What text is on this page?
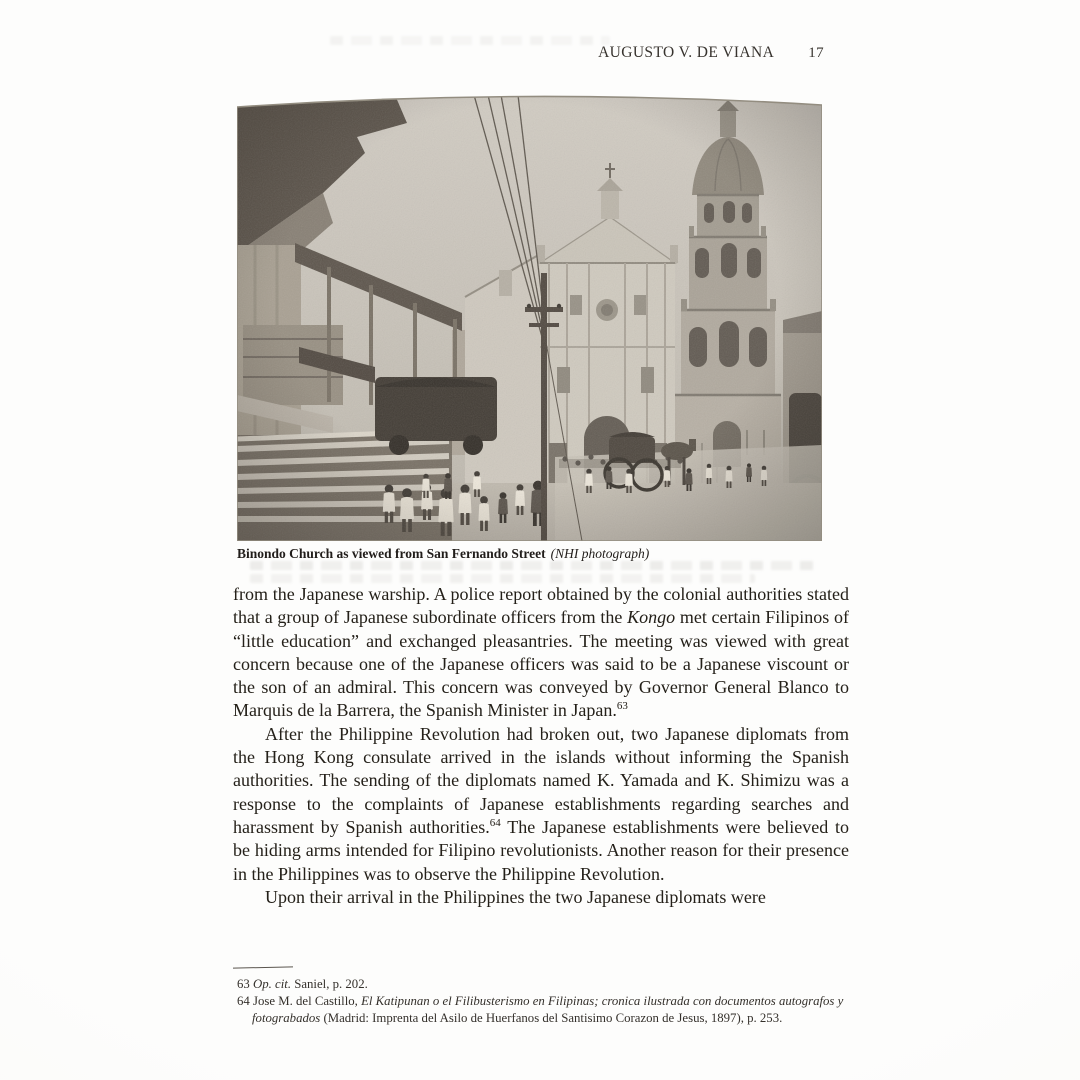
AUGUSTO V. DE VIANA 17
Binondo Church as viewed from San Fernando Street (NHI photograph)

from the Japanese warship. A police report obtained by the colonial authorities stated that a group of Japanese subordinate officers from the Kongo met certain Filipinos of “little education” and exchanged pleasantries. The meeting was viewed with great concern because one of the Japanese officers was said to be a Japanese viscount or the son of an admiral. This concern was conveyed by Governor General Blanco to Marquis de la Barrera, the Spanish Minister in Japan.$^{63}$

After the Philippine Revolution had broken out, two Japanese diplomats from the Hong Kong consulate arrived in the islands without informing the Spanish authorities. The sending of the diplomats named K. Yamada and K. Shimizu was a response to the complaints of Japanese establishments regarding searches and harassment by Spanish authorities.$^{64}$ The Japanese establishments were believed to be hiding arms intended for Filipino revolutionists. Another reason for their presence in the Philippines was to observe the Philippine Revolution.

Upon their arrival in the Philippines the two Japanese diplomats were

63 Op. cit. Saniel, p. 202.

64 Jose M. del Castillo, El Katipunan o el Filibusterismo en Filipinas; cronica ilustrada con documentos autografos y fotograbados (Madrid: Imprenta del Asilo de Huerfanos del Santisimo Corazon de Jesus, 1897), p. 253.
